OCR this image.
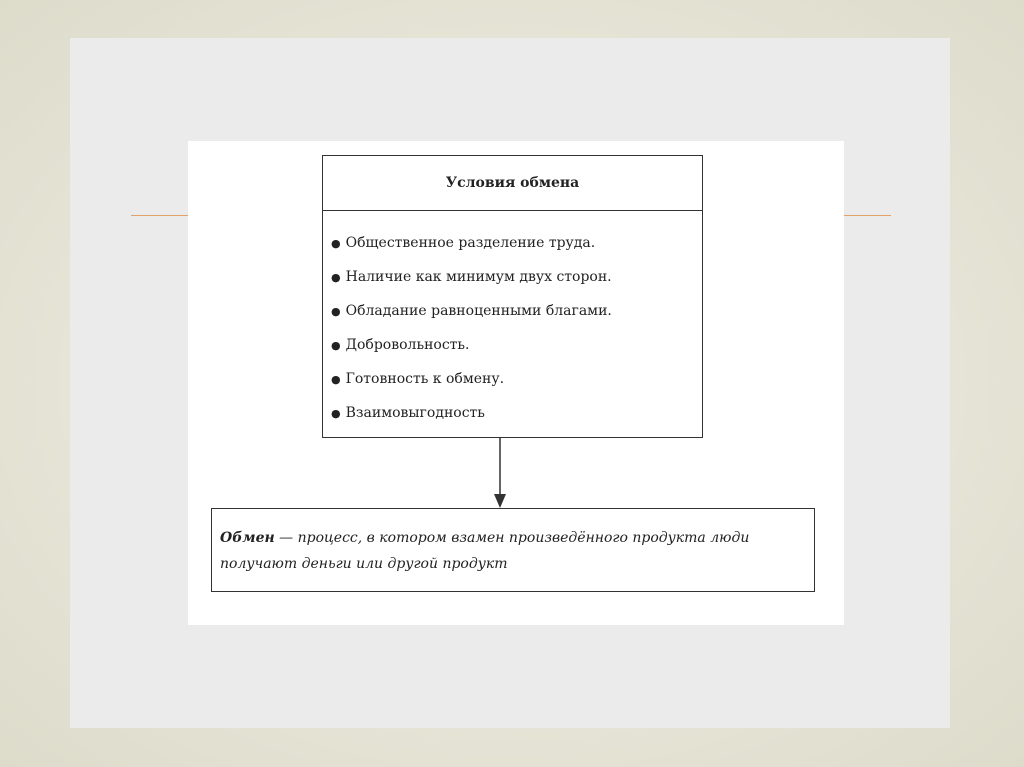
Условия обмена
● Общественное разделение труда.
● Наличие как минимум двух сторон.
● Обладание равноценными благами.
● Добровольность.
● Готовность к обмену.
● Взаимовыгодность
Обмен — процесс, в котором взамен произведённого продукта люди получают деньги или другой продукт
